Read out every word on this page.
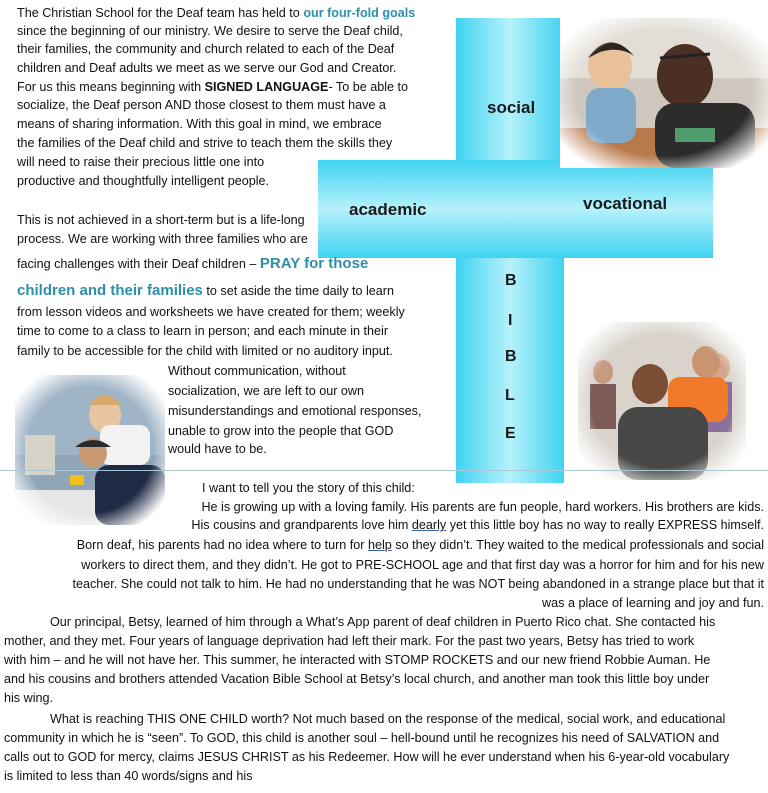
social
academic	vocational
B
I
B
L
E
The Christian School for the Deaf team has held to our four-fold goals
since the beginning of our ministry. We desire to serve the Deaf child,
their families, the community and church related to each of the Deaf
children and Deaf adults we meet as we serve our God and Creator.
For us this means beginning with SIGNED LANGUAGE- To be able to
socialize, the Deaf person AND those closest to them must have a
means of sharing information. With this goal in mind, we embrace
the families of the Deaf child and strive to teach them the skills they
will need to raise their precious little one into
productive and thoughtfully intelligent people.
This is not achieved in a short-term but is a life-long
process. We are working with three families who are
facing challenges with their Deaf children – PRAY for those
children and their families to set aside the time daily to learn
from lesson videos and worksheets we have created for them; weekly
time to come to a class to learn in person; and each minute in their
family to be accessible for the child with limited or no auditory input.
Without communication, without
socialization, we are left to our own
misunderstandings and emotional responses,
unable to grow into the people that GOD
would have to be.
I want to tell you the story of this child:
He is growing up with a loving family. His parents are fun people, hard workers. His brothers are kids.
His cousins and grandparents love him dearly yet this little boy has no way to really EXPRESS himself.
Born deaf, his parents had no idea where to turn for help so they didn’t. They waited to the medical professionals and social
workers to direct them, and they didn’t. He got to PRE-SCHOOL age and that first day was a horror for him and for his new
teacher. She could not talk to him. He had no understanding that he was NOT being abandoned in a strange place but that it
was a place of learning and joy and fun.
Our principal, Betsy, learned of him through a What’s App parent of deaf children in Puerto Rico chat. She contacted his
mother, and they met. Four years of language deprivation had left their mark. For the past two years, Betsy has tried to work
with him – and he will not have her. This summer, he interacted with STOMP ROCKETS and our new friend Robbie Auman. He
and his cousins and brothers attended Vacation Bible School at Betsy’s local church, and another man took this little boy under
his wing.
What is reaching THIS ONE CHILD worth? Not much based on the response of the medical, social work, and educational
community in which he is “seen”. To GOD, this child is another soul – hell-bound until he recognizes his need of SALVATION and
calls out to GOD for mercy, claims JESUS CHRIST as his Redeemer. How will he ever understand when his 6-year-old vocabulary
is limited to less than 40 words/signs and his
